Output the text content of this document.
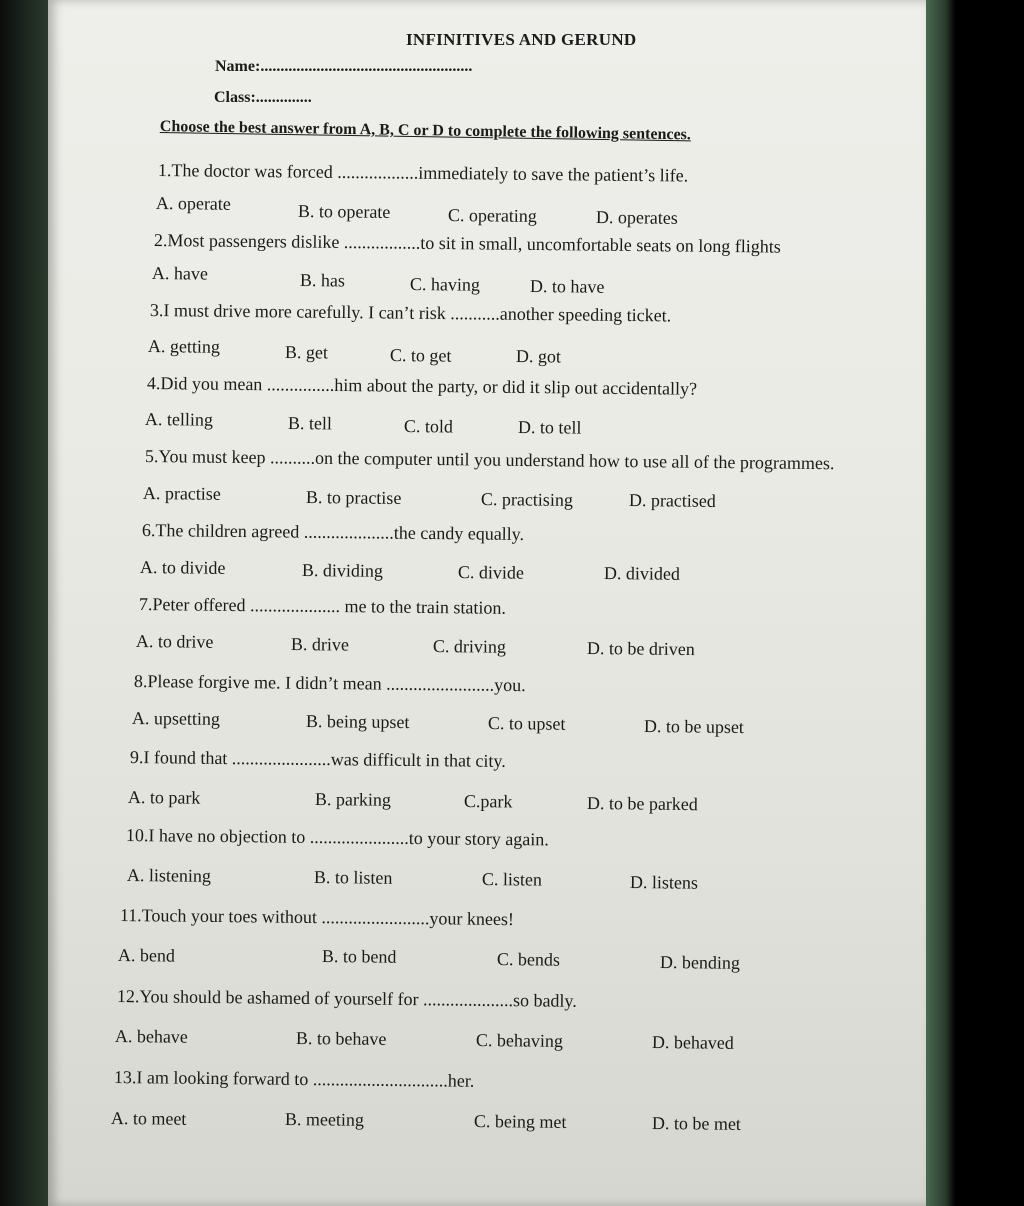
INFINITIVES AND GERUND
Name:.....................................................
Class:..............
Choose the best answer from A, B, C or D to complete the following sentences.
1.The doctor was forced ..................immediately to save the patient’s life.
A. operate	B. to operate	C. operating	D. operates
2.Most passengers dislike .................to sit in small, uncomfortable seats on long flights
A. have	B. has	C. having	D. to have
3.I must drive more carefully. I can’t risk ...........another speeding ticket.
A. getting	B. get	C. to get	D. got
4.Did you mean ...............him about the party, or did it slip out accidentally?
A. telling	B. tell	C. told	D. to tell
5.You must keep ..........on the computer until you understand how to use all of the programmes.
A. practise	B. to practise	C. practising	D. practised
6.The children agreed ....................the candy equally.
A. to divide	B. dividing	C. divide	D. divided
7.Peter offered .................... me to the train station.
A. to drive	B. drive	C. driving	D. to be driven
8.Please forgive me. I didn’t mean ........................you.
A. upsetting	B. being upset	C. to upset	D. to be upset
9.I found that ......................was difficult in that city.
A. to park	B. parking	C.park	D. to be parked
10.I have no objection to ......................to your story again.
A. listening	B. to listen	C. listen	D. listens
11.Touch your toes without ........................your knees!
A. bend	B. to bend	C. bends	D. bending
12.You should be ashamed of yourself for ....................so badly.
A. behave	B. to behave	C. behaving	D. behaved
13.I am looking forward to ..............................her.
A. to meet	B. meeting	C. being met	D. to be met
